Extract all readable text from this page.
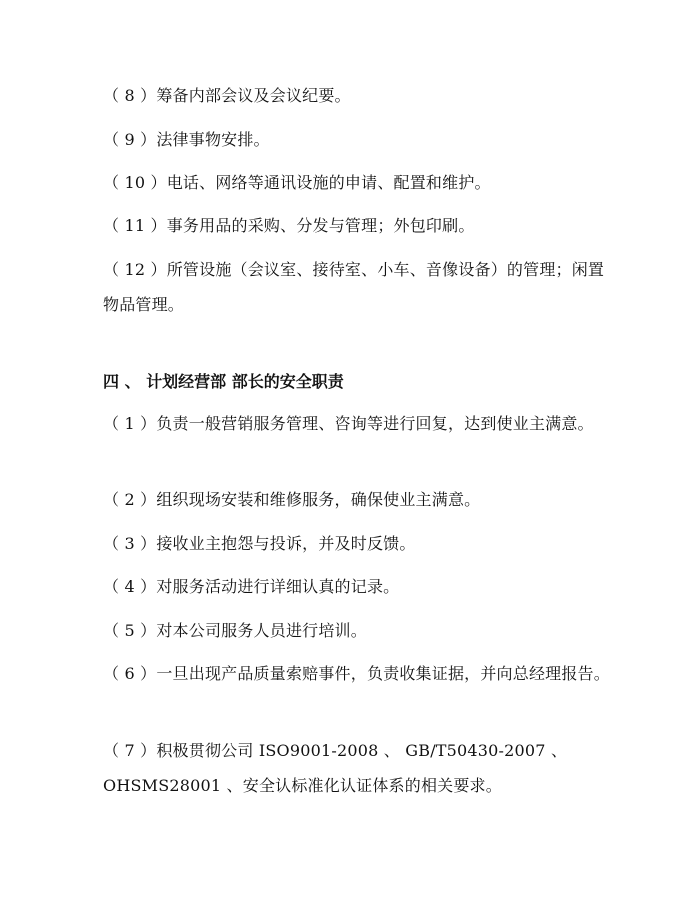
（ 8 ）筹备内部会议及会议纪要。
（ 9 ）法律事物安排。
（ 10 ）电话、网络等通讯设施的申请、配置和维护。
（ 11 ）事务用品的采购、分发与管理；外包印刷。
（ 12 ）所管设施（会议室、接待室、小车、音像设备）的管理；闲置物品管理。
四 、 计划经营部 部长的安全职责
（ 1 ）负责一般营销服务管理、咨询等进行回复，达到使业主满意。
（ 2 ）组织现场安装和维修服务，确保使业主满意。
（ 3 ）接收业主抱怨与投诉，并及时反馈。
（ 4 ）对服务活动进行详细认真的记录。
（ 5 ）对本公司服务人员进行培训。
（ 6 ）一旦出现产品质量索赔事件，负责收集证据，并向总经理报告。
（ 7 ）积极贯彻公司 ISO9001-2008 、 GB/T50430-2007 、 OHSMS28001 、安全认标准化认证体系的相关要求。
